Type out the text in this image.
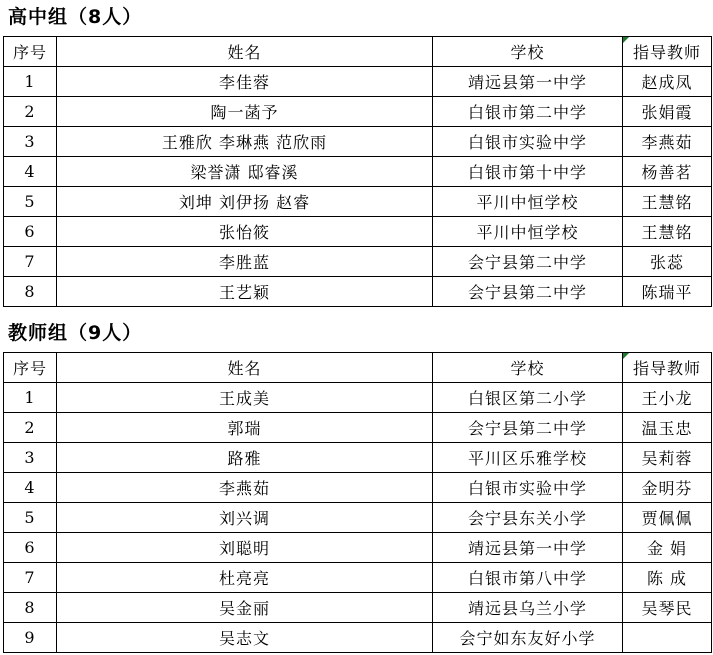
高中组（8人）
序号	姓名	学校	指导教师
1	李佳蓉	靖远县第一中学	赵成凤
2	陶一菡予	白银市第二中学	张娟霞
3	王雅欣 李琳燕 范欣雨	白银市实验中学	李燕茹
4	梁誉潇 邸睿溪	白银市第十中学	杨善茗
5	刘坤 刘伊扬 赵睿	平川中恒学校	王慧铭
6	张怡筱	平川中恒学校	王慧铭
7	李胜蓝	会宁县第二中学	张蕊
8	王艺颖	会宁县第二中学	陈瑞平
教师组（9人）
序号	姓名	学校	指导教师
1	王成美	白银区第二小学	王小龙
2	郭瑞	会宁县第二中学	温玉忠
3	路雅	平川区乐雅学校	吴莉蓉
4	李燕茹	白银市实验中学	金明芬
5	刘兴调	会宁县东关小学	贾佩佩
6	刘聪明	靖远县第一中学	金 娟
7	杜亮亮	白银市第八中学	陈 成
8	吴金丽	靖远县乌兰小学	吴琴民
9	吴志文	会宁如东友好小学	
